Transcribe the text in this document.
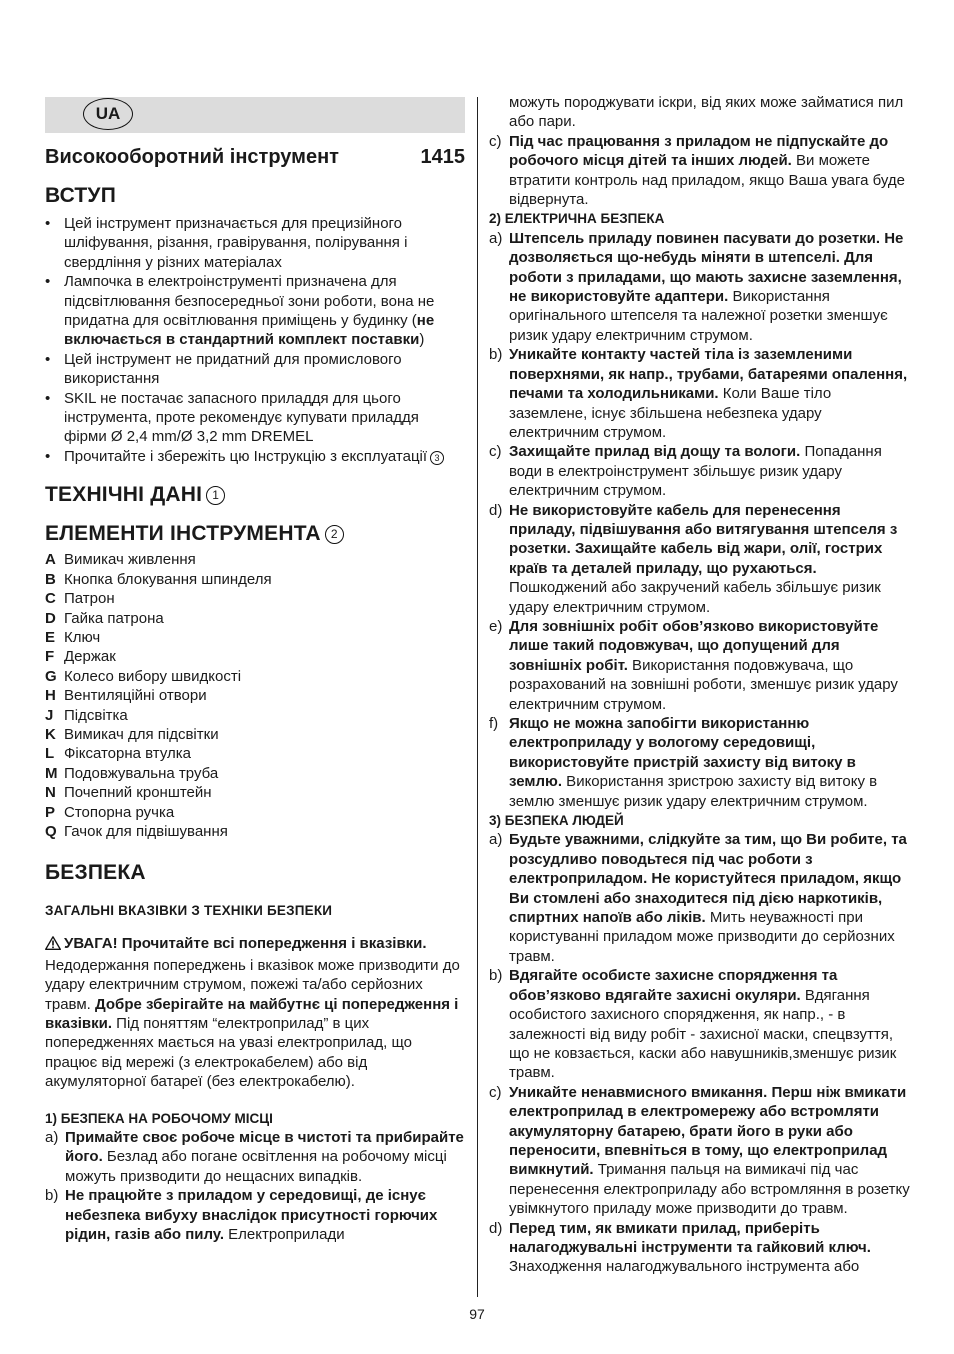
UA
Високооборотний інструмент	1415
ВСТУП
• Цей інструмент призначається для прецизійного шліфування, різання, гравірування, полірування і свердління у різних матеріалах
• Лампочка в електроінструменті призначена для підсвітлювання безпосередньої зони роботи, вона не придатна для освітлювання приміщень у будинку (не включається в стандартний комплект поставки)
• Цей інструмент не придатний для промислового використання
• SKIL не постачає запасного приладдя для цього інструмента, проте рекомендує купувати приладдя фірми Ø 2,4 mm/Ø 3,2 mm DREMEL
• Прочитайте і збережіть цю Інструкцію з експлуатації 3
ТЕХНІЧНІ ДАНІ 1
ЕЛЕМЕНТИ ІНСТРУМЕНТА 2
A Вимикач живлення
B Кнопка блокування шпинделя
C Патрон
D Гайка патрона
E Ключ
F Держак
G Колесо вибору швидкості
H Вентиляційні отвори
J Підсвітка
K Вимикач для підсвітки
L Фіксаторна втулка
M Подовжувальна труба
N Почепний кронштейн
P Стопорна ручка
Q Гачок для підвішування
БЕЗПЕКА
ЗАГАЛЬНІ ВКАЗІВКИ З ТЕХНІКИ БЕЗПЕКИ

УВАГА! Прочитайте всі попередження і вказівки. Недодержання попереджень і вказівок може призводити до удару електричним струмом, пожежі та/або серйозних травм. Добре зберігайте на майбутнє ці попередження і вказівки. Під поняттям “електроприлад” в цих попередженнях мається на увазі електроприлад, що працює від мережі (з електрокабелем) або від акумуляторної батареї (без електрокабелю).

1) БЕЗПЕКА НА РОБОЧОМУ МІСЦІ
a) Примайте своє робоче місце в чистоті та прибирайте його. Безлад або погане освітлення на робочому місці можуть призводити до нещасних випадків.
b) Не працюйте з приладом у середовищі, де існує небезпека вибуху внаслідок присутності горючих рідин, газів або пилу. Електроприлади

можуть породжувати іскри, від яких може займатися пил або пари.

c) Під час працювання з приладом не підпускайте до робочого місця дітей та інших людей. Ви можете втратити контроль над приладом, якщо Ваша увага буде відвернута.
2) ЕЛЕКТРИЧНА БЕЗПЕКА
a) Штепсель приладу повинен пасувати до розетки. Не дозволяється що-небудь міняти в штепселі. Для роботи з приладами, що мають захисне заземлення, не використовуйте адаптери. Використання оригінального штепселя та належної розетки зменшує ризик удару електричним струмом.
b) Уникайте контакту частей тіла із заземленими поверхнями, як напр., трубами, батареями опалення, печами та холодильниками. Коли Ваше тіло заземлене, існує збільшена небезпека удару електричним струмом.
c) Захищайте прилад від дощу та вологи. Попадання води в електроінструмент збільшує ризик удару електричним струмом.
d) Не використовуйте кабель для перенесення приладу, підвішування або витягування штепселя з розетки. Захищайте кабель від жари, олії, гострих країв та деталей приладу, що рухаються. Пошкоджений або закручений кабель збільшує ризик удару електричним струмом.
e) Для зовнішніх робіт обов’язково використовуйте лише такий подовжувач, що допущений для зовнішніх робіт. Використання подовжувача, що розрахований на зовнішні роботи, зменшує ризик удару електричним струмом.
f) Якщо не можна запобігти використанню електроприладу у вологому середовищі, використовуйте пристрій захисту від витоку в землю. Використання зристрою захисту від витоку в землю зменшує ризик удару електричним струмом.
3) БЕЗПЕКА ЛЮДЕЙ
a) Будьте уважними, слідкуйте за тим, що Ви робите, та розсудливо поводьтеся під час роботи з електроприладом. Не користуйтеся приладом, якщо Ви стомлені або знаходитеся під дією наркотиків, спиртних напоїв або ліків. Мить неуважності при користуванні приладом може призводити до серйозних травм.
b) Вдягайте особисте захисне спорядження та обов’язково вдягайте захисні окуляри. Вдягання особистого захисного спорядження, як напр., - в залежності від виду робіт - захисної маски, спецвзуття, що не ковзається, каски або навушників,зменшує ризик травм.
c) Уникайте ненавмисного вмикання. Перш ніж вмикати електроприлад в електромережу або встромляти акумуляторну батарею, брати його в руки або переносити, впевніться в тому, що електроприлад вимкнутий. Тримання пальця на вимикачі під час перенесення електроприладу або встромляння в розетку увімкнутого приладу може призводити до травм.
d) Перед тим, як вмикати прилад, приберіть налагоджувальні інструменти та гайковий ключ. Знаходження налагоджувального інструмента або
97
